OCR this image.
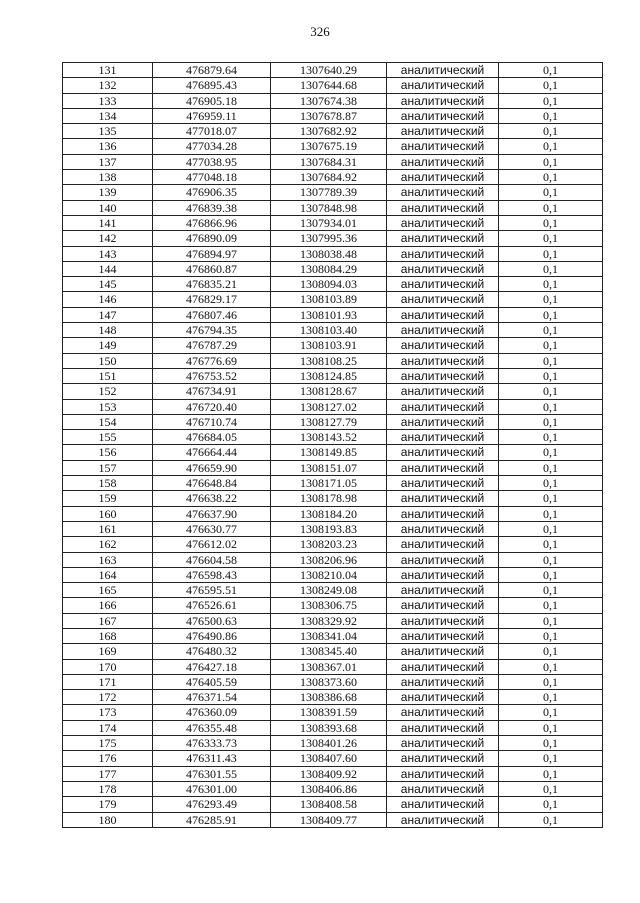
326
131	476879.64	1307640.29	аналитический	0,1
132	476895.43	1307644.68	аналитический	0,1
133	476905.18	1307674.38	аналитический	0,1
134	476959.11	1307678.87	аналитический	0,1
135	477018.07	1307682.92	аналитический	0,1
136	477034.28	1307675.19	аналитический	0,1
137	477038.95	1307684.31	аналитический	0,1
138	477048.18	1307684.92	аналитический	0,1
139	476906.35	1307789.39	аналитический	0,1
140	476839.38	1307848.98	аналитический	0,1
141	476866.96	1307934.01	аналитический	0,1
142	476890.09	1307995.36	аналитический	0,1
143	476894.97	1308038.48	аналитический	0,1
144	476860.87	1308084.29	аналитический	0,1
145	476835.21	1308094.03	аналитический	0,1
146	476829.17	1308103.89	аналитический	0,1
147	476807.46	1308101.93	аналитический	0,1
148	476794.35	1308103.40	аналитический	0,1
149	476787.29	1308103.91	аналитический	0,1
150	476776.69	1308108.25	аналитический	0,1
151	476753.52	1308124.85	аналитический	0,1
152	476734.91	1308128.67	аналитический	0,1
153	476720.40	1308127.02	аналитический	0,1
154	476710.74	1308127.79	аналитический	0,1
155	476684.05	1308143.52	аналитический	0,1
156	476664.44	1308149.85	аналитический	0,1
157	476659.90	1308151.07	аналитический	0,1
158	476648.84	1308171.05	аналитический	0,1
159	476638.22	1308178.98	аналитический	0,1
160	476637.90	1308184.20	аналитический	0,1
161	476630.77	1308193.83	аналитический	0,1
162	476612.02	1308203.23	аналитический	0,1
163	476604.58	1308206.96	аналитический	0,1
164	476598.43	1308210.04	аналитический	0,1
165	476595.51	1308249.08	аналитический	0,1
166	476526.61	1308306.75	аналитический	0,1
167	476500.63	1308329.92	аналитический	0,1
168	476490.86	1308341.04	аналитический	0,1
169	476480.32	1308345.40	аналитический	0,1
170	476427.18	1308367.01	аналитический	0,1
171	476405.59	1308373.60	аналитический	0,1
172	476371.54	1308386.68	аналитический	0,1
173	476360.09	1308391.59	аналитический	0,1
174	476355.48	1308393.68	аналитический	0,1
175	476333.73	1308401.26	аналитический	0,1
176	476311.43	1308407.60	аналитический	0,1
177	476301.55	1308409.92	аналитический	0,1
178	476301.00	1308406.86	аналитический	0,1
179	476293.49	1308408.58	аналитический	0,1
180	476285.91	1308409.77	аналитический	0,1
